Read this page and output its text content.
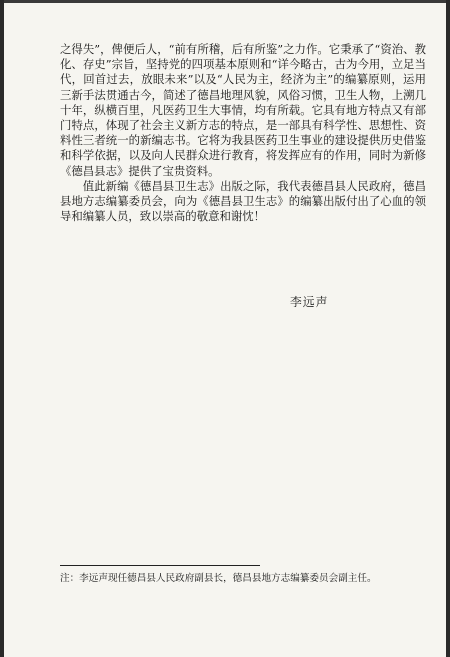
之得失”，俾便后人，“前有所稽，后有所鉴”之力作。它秉承了“资治、教化、存史”宗旨，坚持党的四项基本原则和“详今略古，古为今用，立足当代，回首过去，放眼未来”以及“人民为主，经济为主”的编纂原则，运用三新手法贯通古今，简述了德昌地理风貌，风俗习惯，卫生人物，上溯几十年，纵横百里，凡医药卫生大事情，均有所载。它具有地方特点又有部门特点，体现了社会主义新方志的特点，是一部具有科学性、思想性、资料性三者统一的新编志书。它将为我县医药卫生事业的建设提供历史借鉴和科学依据，以及向人民群众进行教育，将发挥应有的作用，同时为新修《德昌县志》提供了宝贵资料。

值此新编《德昌县卫生志》出版之际，我代表德昌县人民政府，德昌县地方志编纂委员会，向为《德昌县卫生志》的编纂出版付出了心血的领导和编纂人员，致以崇高的敬意和谢忱！

李远声
注：李远声现任德昌县人民政府副县长，德昌县地方志编纂委员会副主任。
